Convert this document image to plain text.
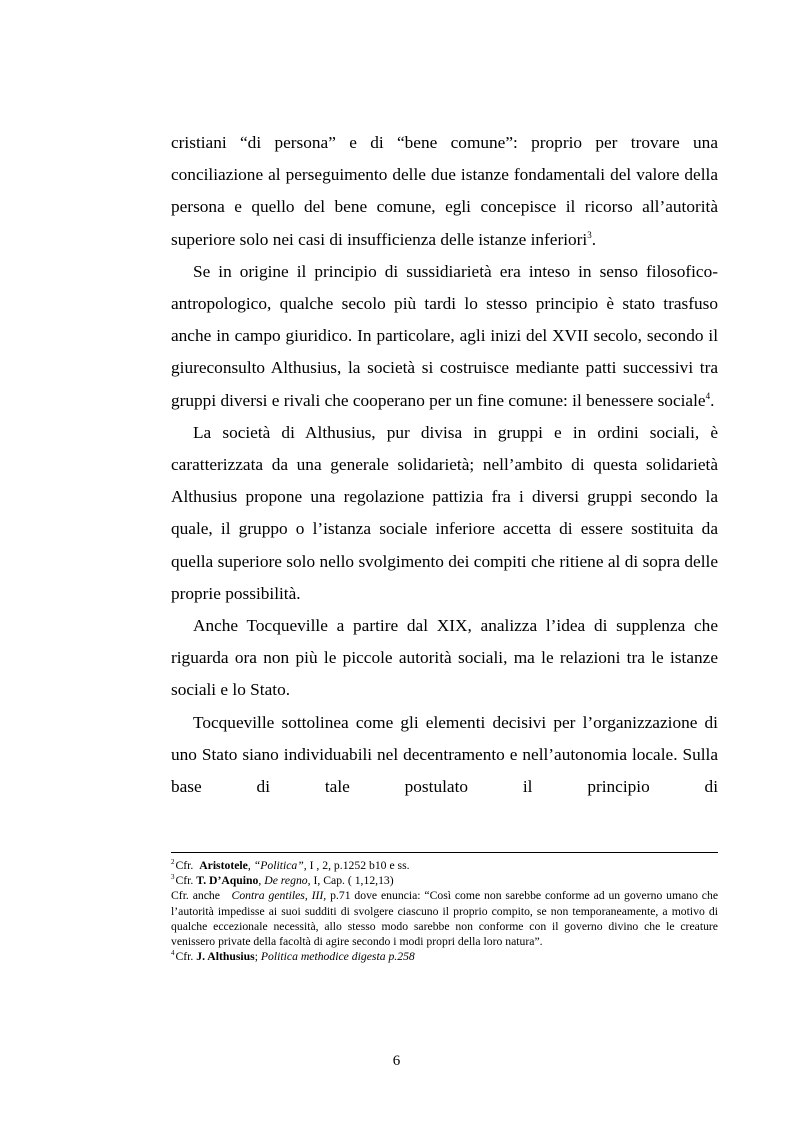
cristiani “di persona” e di “bene comune”: proprio per trovare una conciliazione al perseguimento delle due istanze fondamentali del valore della persona e quello del bene comune, egli concepisce il ricorso all’autorità superiore solo nei casi di insufficienza delle istanze inferiori$^3$.

Se in origine il principio di sussidiarietà era inteso in senso filosofico-antropologico, qualche secolo più tardi lo stesso principio è stato trasfuso anche in campo giuridico. In particolare, agli inizi del XVII secolo, secondo il giureconsulto Althusius, la società si costruisce mediante patti successivi tra gruppi diversi e rivali che cooperano per un fine comune: il benessere sociale$^4$.

La società di Althusius, pur divisa in gruppi e in ordini sociali, è caratterizzata da una generale solidarietà; nell’ambito di questa solidarietà Althusius propone una regolazione pattizia fra i diversi gruppi secondo la quale, il gruppo o l’istanza sociale inferiore accetta di essere sostituita da quella superiore solo nello svolgimento dei compiti che ritiene al di sopra delle proprie possibilità.

Anche Tocqueville a partire dal XIX, analizza l’idea di supplenza che riguarda ora non più le piccole autorità sociali, ma le relazioni tra le istanze sociali e lo Stato.

Tocqueville sottolinea come gli elementi decisivi per l’organizzazione di uno Stato siano individuabili nel decentramento e nell’autonomia locale. Sulla base di tale postulato il principio di

$^2$ Cfr. Aristotele, “Politica”, I , 2, p.1252 b10 e ss.

$^3$ Cfr. T. D’Aquino, De regno, I, Cap. ( 1,12,13)

Cfr. anche Contra gentiles, III, p.71 dove enuncia: “Così come non sarebbe conforme ad un governo umano che l’autorità impedisse ai suoi sudditi di svolgere ciascuno il proprio compito, se non temporaneamente, a motivo di qualche eccezionale necessità, allo stesso modo sarebbe non conforme con il governo divino che le creature venissero private della facoltà di agire secondo i modi propri della loro natura”.

$^4$ Cfr. J. Althusius; Politica methodice digesta p.258

6
